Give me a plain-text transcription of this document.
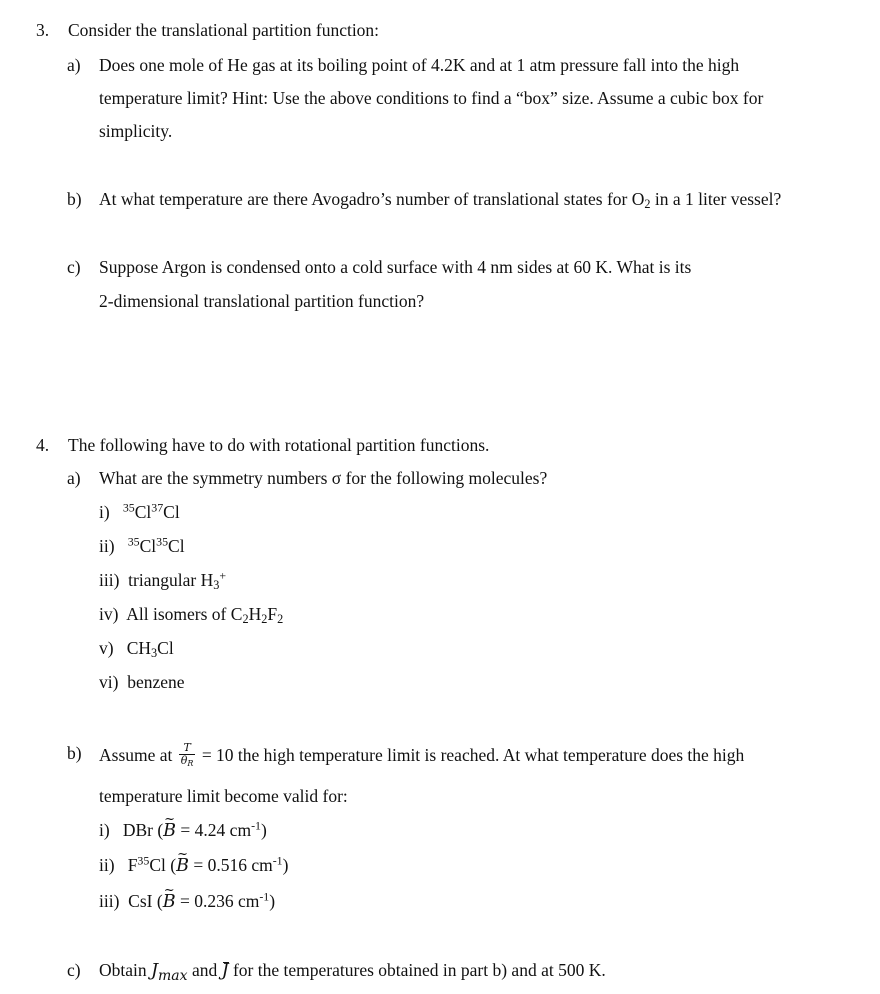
3. Consider the translational partition function:
a) Does one mole of He gas at its boiling point of 4.2K and at 1 atm pressure fall into the high
temperature limit? Hint: Use the above conditions to find a “box” size. Assume a cubic box for
simplicity.
b) At what temperature are there Avogadro’s number of translational states for $O_2$ in a 1 liter vessel?
c) Suppose Argon is condensed onto a cold surface with 4 nm sides at 60 K. What is its
2-dimensional translational partition function?
4. The following have to do with rotational partition functions.
a) What are the symmetry numbers σ for the following molecules?
i) $^{35}$Cl$^{37}$Cl
ii) $^{35}$Cl$^{35}$Cl
iii) triangular $H_3^+$
iv) All isomers of $C_2H_2F_2$
v) $CH_3Cl$
vi) benzene
b) Assume at $\frac{T}{\theta_R} = 10$ the high temperature limit is reached. At what temperature does the high
temperature limit become valid for:
i) DBr (~ B = 4.24 $cm^{-1}$)
ii) $F^{35}Cl$ (~ B = 0.516 $cm^{-1}$)
iii) CsI (~ B = 0.236 $cm^{-1}$)
c) Obtain $J_{max}$ and J for the temperatures obtained in part b) and at 500 K.
